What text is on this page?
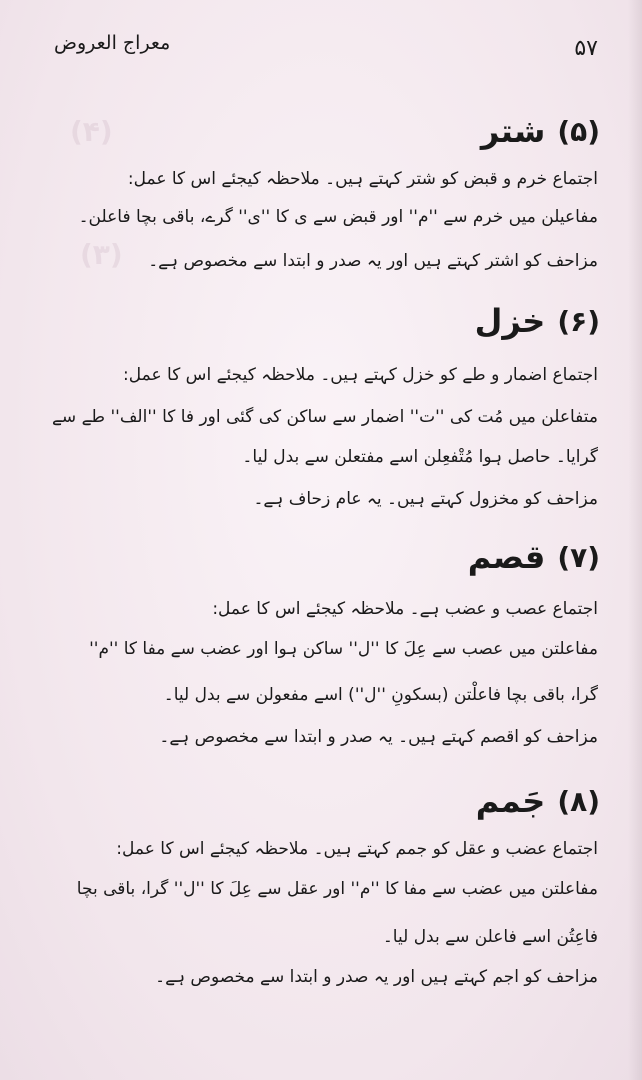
(۴)
(۳)
معراج العروض	۵۷
(۵)
شتر
اجتماع خرم و قبض کو شتر کہتے ہیں۔ ملاحظہ کیجئے اس کا عمل:
مفاعیلن میں خرم سے ''م'' اور قبض سے ی کا ''ی'' گرے، باقی بچا فاعلن۔
مزاحف کو اشتر کہتے ہیں اور یہ صدر و ابتدا سے مخصوص ہے۔
(۶)
خزل
اجتماع اضمار و طے کو خزل کہتے ہیں۔ ملاحظہ کیجئے اس کا عمل:
متفاعلن میں مُت کی ''ت'' اضمار سے ساکن کی گئی اور فا کا ''الف'' طے سے
گرایا۔ حاصل ہوا مُتْفعِلن اسے مفتعلن سے بدل لیا۔
مزاحف کو مخزول کہتے ہیں۔ یہ عام زحاف ہے۔
(۷)
قصم
اجتماع عصب و عضب ہے۔ ملاحظہ کیجئے اس کا عمل:
مفاعلتن میں عصب سے عِلَ کا ''ل'' ساکن ہوا اور عضب سے مفا کا ''م''
گرا، باقی بچا فاعلْتن (بسکونِ ''ل'') اسے مفعولن سے بدل لیا۔
مزاحف کو اقصم کہتے ہیں۔ یہ صدر و ابتدا سے مخصوص ہے۔
(۸)
جَمم
اجتماع عضب و عقل کو جمم کہتے ہیں۔ ملاحظہ کیجئے اس کا عمل:
مفاعلتن میں عضب سے مفا کا ''م'' اور عقل سے عِلَ کا ''ل'' گرا، باقی بچا
فاعِتُن اسے فاعلن سے بدل لیا۔
مزاحف کو اجم کہتے ہیں اور یہ صدر و ابتدا سے مخصوص ہے۔
